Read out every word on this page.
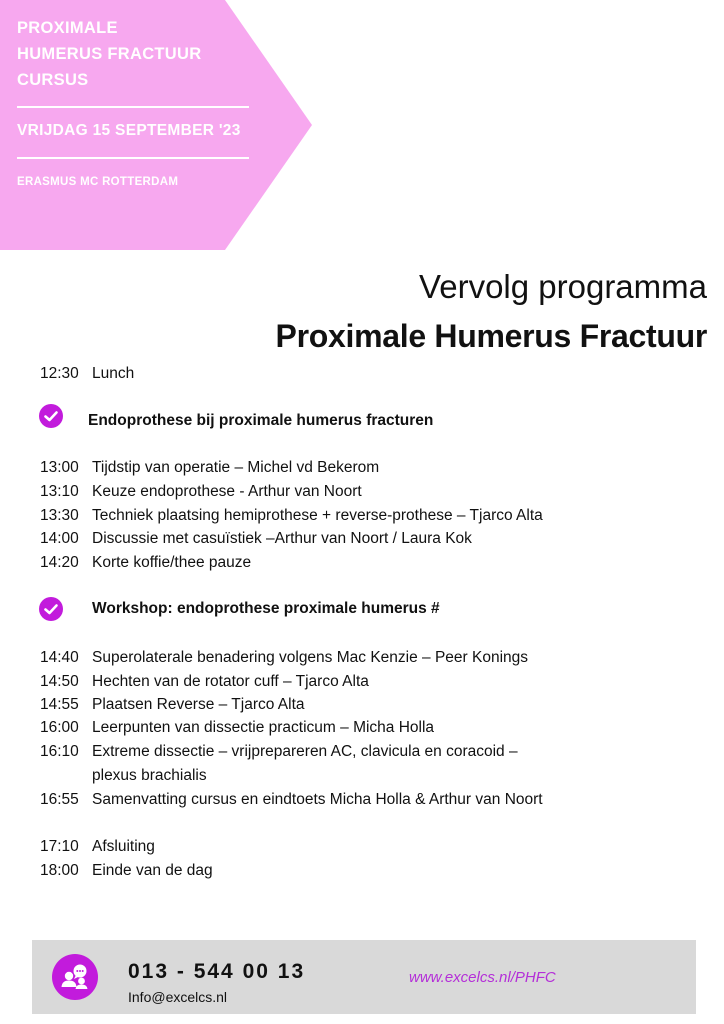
PROXIMALE
HUMERUS FRACTUUR
CURSUS
VRIJDAG 15 SEPTEMBER '23
ERASMUS MC ROTTERDAM
Vervolg programma
Proximale Humerus Fractuur
12:30 Lunch
Endoprothese bij proximale humerus fracturen
13:00 Tijdstip van operatie – Michel vd Bekerom
13:10 Keuze endoprothese - Arthur van Noort
13:30 Techniek plaatsing hemiprothese + reverse-prothese – Tjarco Alta
14:00 Discussie met casuïstiek –Arthur van Noort / Laura Kok
14:20 Korte koffie/thee pauze
Workshop: endoprothese proximale humerus #
14:40 Superolaterale benadering volgens Mac Kenzie – Peer Konings
14:50 Hechten van de rotator cuff – Tjarco Alta
14:55 Plaatsen Reverse – Tjarco Alta
16:00 Leerpunten van dissectie practicum – Micha Holla
16:10 Extreme dissectie – vrijprepareren AC, clavicula en coracoid –
plexus brachialis
16:55 Samenvatting cursus en eindtoets Micha Holla & Arthur van Noort
17:10 Afsluiting
18:00 Einde van de dag
013 - 544 00 13
Info@excelcs.nl
www.excelcs.nl/PHFC
